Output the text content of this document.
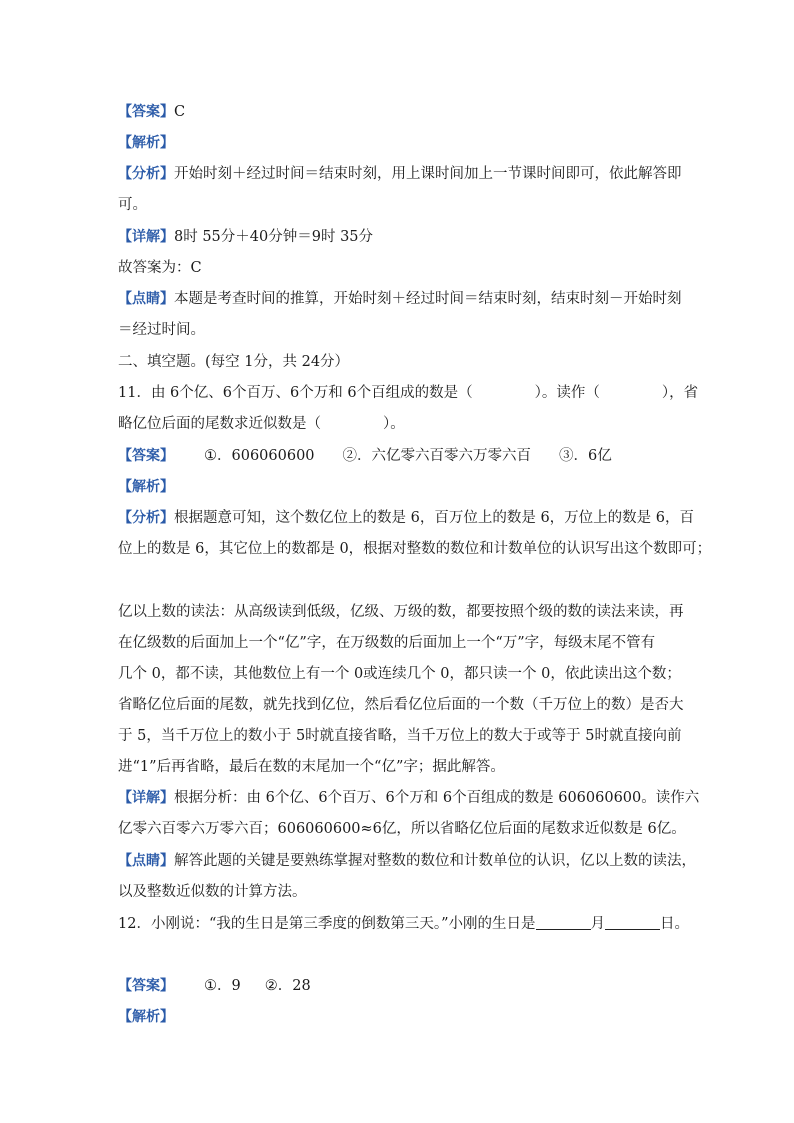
【答案】C
【解析】
【分析】开始时刻＋经过时间＝结束时刻，用上课时间加上一节课时间即可，依此解答即
可。
【详解】8时 55分＋40分钟＝9时 35分
故答案为：C
【点睛】本题是考查时间的推算，开始时刻＋经过时间＝结束时刻，结束时刻－开始时刻
＝经过时间。
二、填空题。(每空 1分，共 24分）
11．由 6个亿、6个百万、6个万和 6个百组成的数是（	）。读作（	），省
略亿位后面的尾数求近似数是（	）。
【答案】 ①．606060600 ②．六亿零六百零六万零六百 ③．6亿
【解析】
【分析】根据题意可知，这个数亿位上的数是 6，百万位上的数是 6，万位上的数是 6，百
位上的数是 6，其它位上的数都是 0，根据对整数的数位和计数单位的认识写出这个数即可；
亿以上数的读法：从高级读到低级，亿级、万级的数，都要按照个级的数的读法来读，再
在亿级数的后面加上一个“亿”字，在万级数的后面加上一个“万”字，每级末尾不管有
几个 0，都不读，其他数位上有一个 0或连续几个 0，都只读一个 0，依此读出这个数；
省略亿位后面的尾数，就先找到亿位，然后看亿位后面的一个数（千万位上的数）是否大
于 5，当千万位上的数小于 5时就直接省略，当千万位上的数大于或等于 5时就直接向前
进“1”后再省略，最后在数的末尾加一个“亿”字；据此解答。
【详解】根据分析：由 6个亿、6个百万、6个万和 6个百组成的数是 606060600。读作六
亿零六百零六万零六百；606060600≈6亿，所以省略亿位后面的尾数求近似数是 6亿。
【点睛】解答此题的关键是要熟练掌握对整数的数位和计数单位的认识，亿以上数的读法，
以及整数近似数的计算方法。
12．小刚说：“我的生日是第三季度的倒数第三天。”小刚的生日是	月	日。
【答案】 ①．9 ②．28
【解析】
